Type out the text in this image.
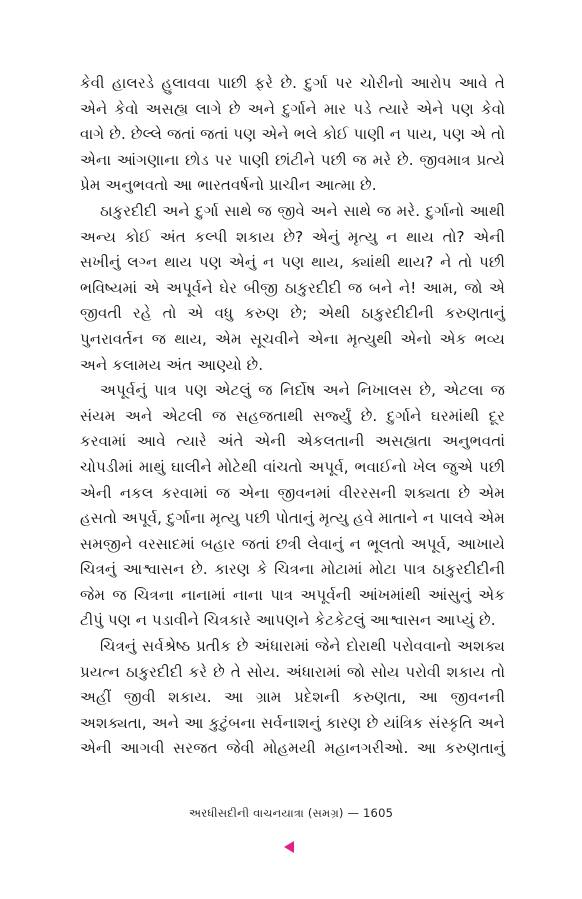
કેવી હાલરડે હુલાવવા પાછી ફરે છે. દુર્ગા પર ચોરીનો આરોપ આવે તે એને કેવો અસહ્ય લાગે છે અને દુર્ગાને માર પડે ત્યારે એને પણ કેવો વાગે છે. છેલ્લે જતાં જતાં પણ એને ભલે કોઈ પાણી ન પાય, પણ એ તો એના આંગણાના છોડ પર પાણી છાંટીને પછી જ મરે છે. જીવમાત્ર પ્રત્યે પ્રેમ અનુભવતો આ ભારતવર્ષનો પ્રાચીન આત્મા છે.

ઠાકુરદીદી અને દુર્ગા સાથે જ જીવે અને સાથે જ મરે. દુર્ગાનો આથી અન્ય કોઈ અંત કલ્પી શકાય છે? એનું મૃત્યુ ન થાય તો? એની સખીનું લગ્ન થાય પણ એનું ન પણ થાય, ક્યાંથી થાય? ને તો પછી ભવિષ્યમાં એ અપૂર્વને ઘેર બીજી ઠાકુરદીદી જ બને ને! આમ, જો એ જીવતી રહે તો એ વધુ કરુણ છે; એથી ઠાકુરદીદીની કરુણતાનું પુનરાવર્તન જ થાય, એમ સૂચવીને એના મૃત્યુથી એનો એક ભવ્ય અને કલામય અંત આણ્યો છે.

અપૂર્વનું પાત્ર પણ એટલું જ નિર્દોષ અને નિખાલસ છે, એટલા જ સંયમ અને એટલી જ સહજતાથી સર્જ્યું છે. દુર્ગાને ઘરમાંથી દૂર કરવામાં આવે ત્યારે અંતે એની એકલતાની અસહ્યતા અનુભવતાં ચોપડીમાં માથું ઘાલીને મોટેથી વાંચતો અપૂર્વ, ભવાઈનો ખેલ જુએ પછી એની નકલ કરવામાં જ એના જીવનમાં વીરરસની શક્યતા છે એમ હસતો અપૂર્વ, દુર્ગાના મૃત્યુ પછી પોતાનું મૃત્યુ હવે માતાને ન પાલવે એમ સમજીને વરસાદમાં બહાર જતાં છત્રી લેવાનું ન ભૂલતો અપૂર્વ, આખાયે ચિત્રનું આશ્વાસન છે. કારણ કે ચિત્રના મોટામાં મોટા પાત્ર ઠાકુરદીદીની જેમ જ ચિત્રના નાનામાં નાના પાત્ર અપૂર્વની આંખમાંથી આંસુનું એક ટીપું પણ ન પડાવીને ચિત્રકારે આપણને કેટકેટલું આશ્વાસન આપ્યું છે.

ચિત્રનું સર્વશ્રેષ્ઠ પ્રતીક છે અંધારામાં જેને દોરાથી પરોવવાનો અશક્ય પ્રયત્ન ઠાકુરદીદી કરે છે તે સોય. અંધારામાં જો સોય પરોવી શકાય તો અહીં જીવી શકાય. આ ગ્રામ પ્રદેશની કરુણતા, આ જીવનની અશક્યતા, અને આ કુટુંબના સર્વનાશનું કારણ છે યાંત્રિક સંસ્કૃતિ અને એની આગવી સરજત જેવી મોહમયી મહાનગરીઓ. આ કરુણતાનું

અરધીસદીની વાચનયાત્રા (સમગ્ર) — 1605
